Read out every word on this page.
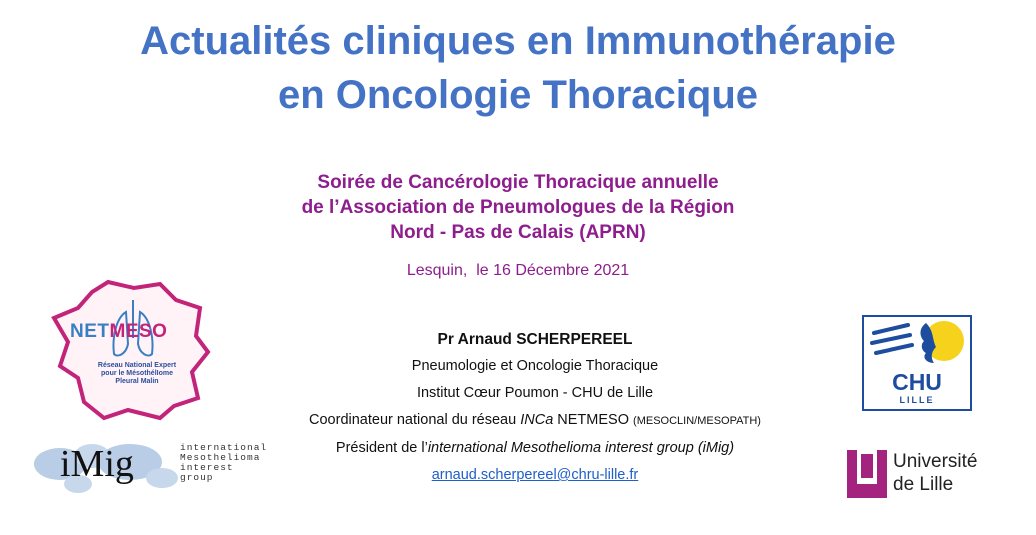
Actualités cliniques en Immunothérapie
en Oncologie Thoracique
Soirée de Cancérologie Thoracique annuelle
de l’Association de Pneumologues de la Région
Nord - Pas de Calais (APRN)
Lesquin,  le 16 Décembre 2021
Pr Arnaud SCHERPEREEL
Pneumologie et Oncologie Thoracique
Institut Cœur Poumon - CHU de Lille
Coordinateur national du réseau INCa NETMESO (MESOCLIN/MESOPATH)
Président de l’international Mesothelioma interest group (iMig)
arnaud.scherpereel@chru-lille.fr
NETMESO
Réseau National Expert
pour le MésothélIome
Pleural Malin
iMig	international
Mesothelioma
interest group
CHU
LILLE
Université
de Lille
